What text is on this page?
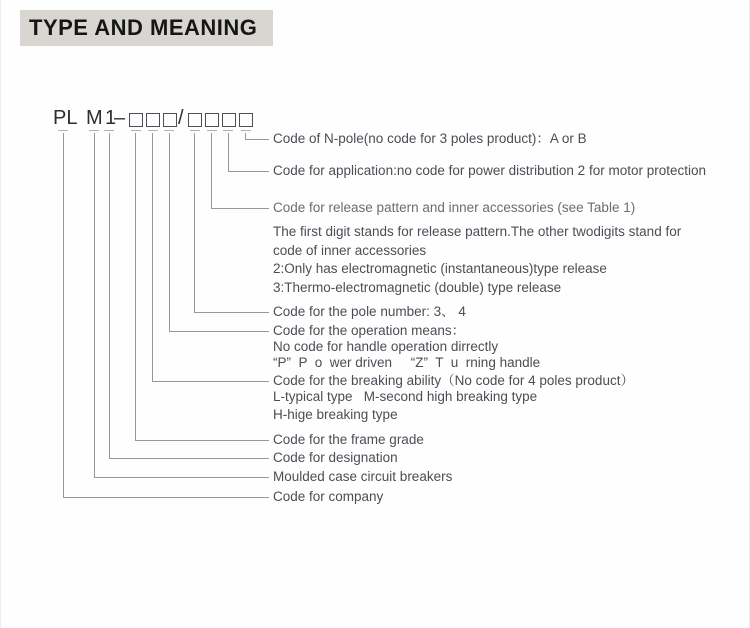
TYPE AND MEANING
PL M 1
–	/
Code of N-pole(no code for 3 poles product)：A or B
Code for application:no code for power distribution 2 for motor protection
Code for release pattern and inner accessories (see Table 1)
The first digit stands for release pattern.The other twodigits stand for
code of inner accessories
2:Only has electromagnetic (instantaneous)type release
3:Thermo-electromagnetic (double) type release
Code for the pole number: 3、 4
Code for the operation means：
No code for handle operation dirrectly
“P”  P  o  wer driven     “Z”  T  u  rning handle
Code for the breaking ability（No code for 4 poles product）
L-typical type   M-second high breaking type
H-hige breaking type
Code for the frame grade
Code for designation
Moulded case circuit breakers
Code for company
